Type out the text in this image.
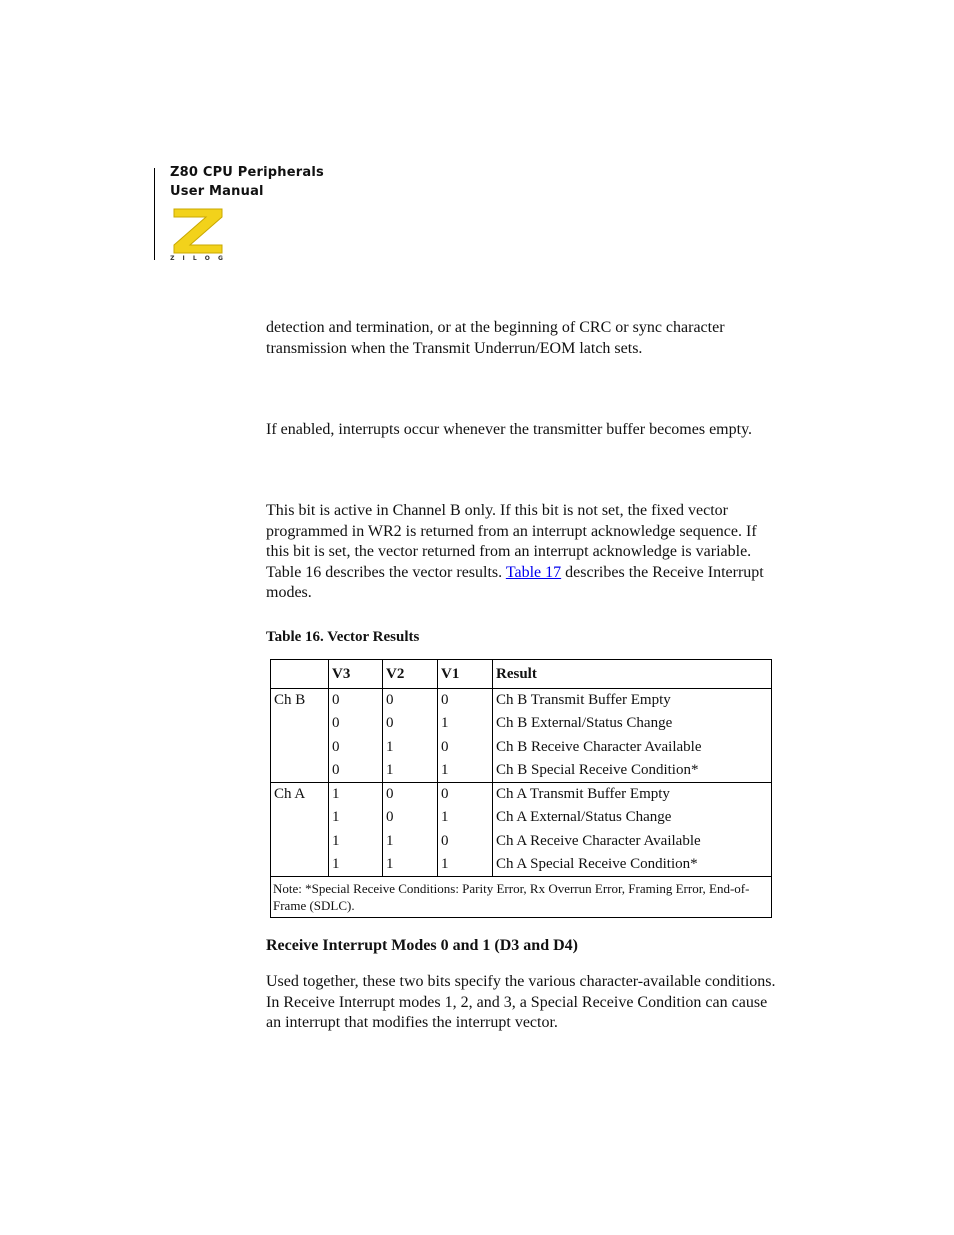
Z80 CPU Peripherals
User Manual
Z I L O G

detection and termination, or at the beginning of CRC or sync character transmission when the Transmit Underrun/EOM latch sets.

If enabled, interrupts occur whenever the transmitter buffer becomes empty.

This bit is active in Channel B only. If this bit is not set, the fixed vector programmed in WR2 is returned from an interrupt acknowledge sequence. If this bit is set, the vector returned from an interrupt acknowledge is variable. Table 16 describes the vector results. Table 17 describes the Receive Interrupt modes.

Table 16. Vector Results
	V3	V2	V1	Result
Ch B	0	0	0	Ch B Transmit Buffer Empty
	0	0	1	Ch B External/Status Change
	0	1	0	Ch B Receive Character Available
	0	1	1	Ch B Special Receive Condition*
Ch A	1	0	0	Ch A Transmit Buffer Empty
	1	0	1	Ch A External/Status Change
	1	1	0	Ch A Receive Character Available
	1	1	1	Ch A Special Receive Condition*
Note: *Special Receive Conditions: Parity Error, Rx Overrun Error, Framing Error, End-of-Frame (SDLC).				
Receive Interrupt Modes 0 and 1 (D3 and D4)

Used together, these two bits specify the various character-available conditions. In Receive Interrupt modes 1, 2, and 3, a Special Receive Condition can cause an interrupt that modifies the interrupt vector.
